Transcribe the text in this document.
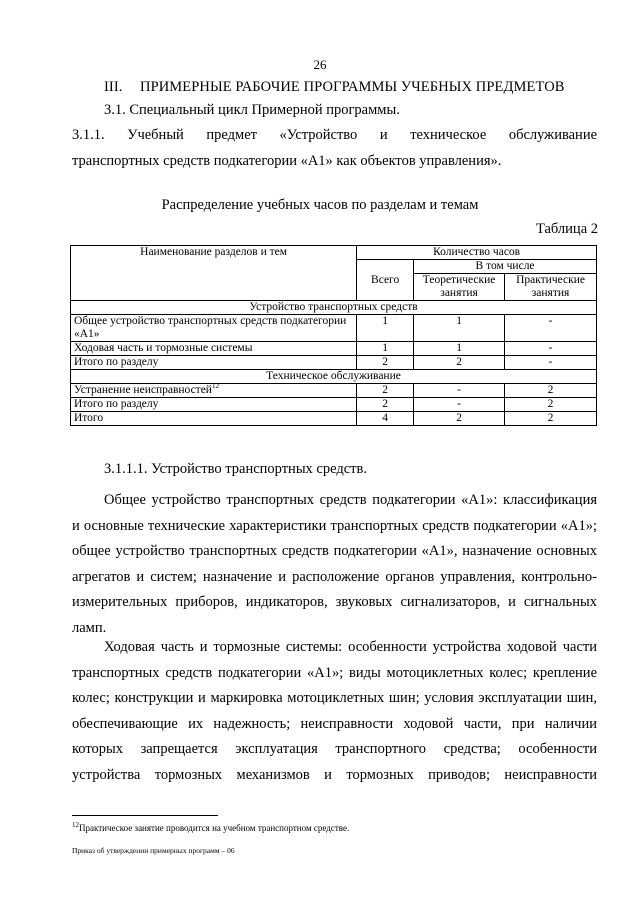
26
III. ПРИМЕРНЫЕ РАБОЧИЕ ПРОГРАММЫ УЧЕБНЫХ ПРЕДМЕТОВ
3.1. Специальный цикл Примерной программы.
3.1.1. Учебный предмет «Устройство и техническое обслуживание
транспортных средств подкатегории «А1» как объектов управления».
Распределение учебных часов по разделам и темам
Таблица 2
Наименование разделов и тем	Количество часов		
	Всего	В том числе	
		Теоретические занятия	Практические занятия
Устройство транспортных средств			
Общее устройство транспортных средств подкатегории «А1»	1	1	-
Ходовая часть и тормозные системы	1	1	-
Итого по разделу	2	2	-
Техническое обслуживание			
Устранение неисправностей$^{12}$	2	-	2
Итого по разделу	2	-	2
Итого	4	2	2
3.1.1.1. Устройство транспортных средств.
Общее устройство транспортных средств подкатегории «А1»: классификация
и основные технические характеристики транспортных средств подкатегории «А1»;
общее устройство транспортных средств подкатегории «А1», назначение основных
агрегатов и систем; назначение и расположение органов управления, контрольно-
измерительных приборов, индикаторов, звуковых сигнализаторов, и сигнальных
ламп.
Ходовая часть и тормозные системы: особенности устройства ходовой части
транспортных средств подкатегории «А1»; виды мотоциклетных колес; крепление
колес; конструкции и маркировка мотоциклетных шин; условия эксплуатации шин,
обеспечивающие их надежность; неисправности ходовой части, при наличии
которых запрещается эксплуатация транспортного средства; особенности
устройства тормозных механизмов и тормозных приводов; неисправности
$^{12}$Практическое занятие проводится на учебном транспортном средстве.
Приказ об утверждении примерных программ – 06
